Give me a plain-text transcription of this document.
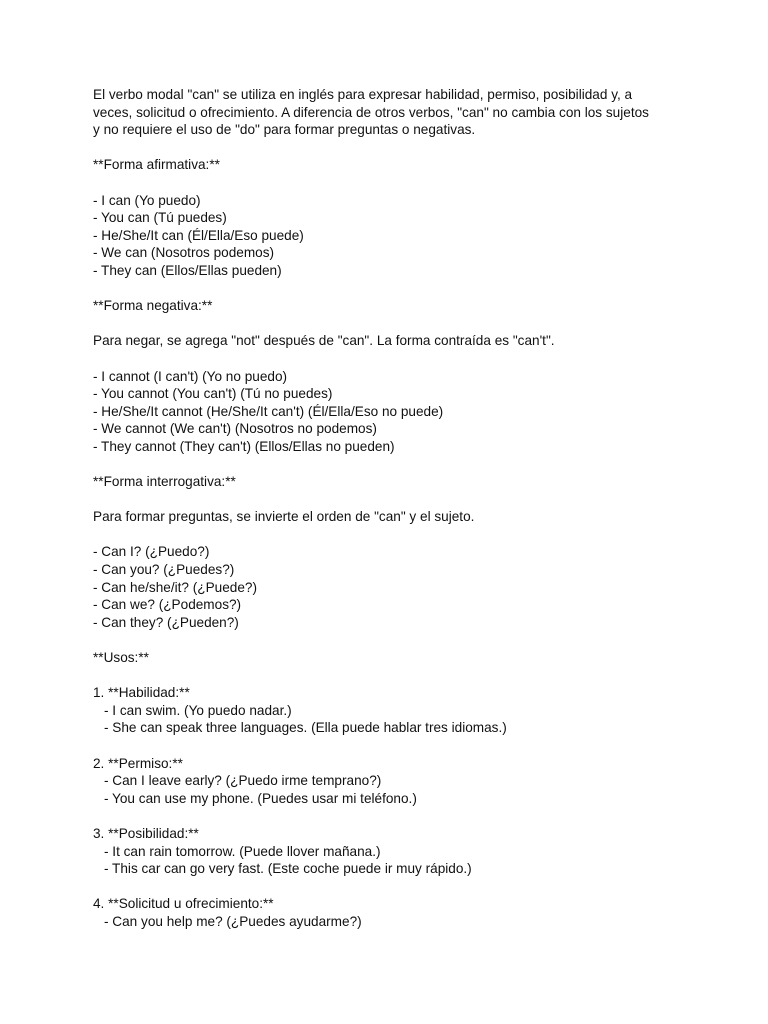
El verbo modal "can" se utiliza en inglés para expresar habilidad, permiso, posibilidad y, a
veces, solicitud o ofrecimiento. A diferencia de otros verbos, "can" no cambia con los sujetos
y no requiere el uso de "do" para formar preguntas o negativas.
**Forma afirmativa:**
- I can (Yo puedo)
- You can (Tú puedes)
- He/She/It can (Él/Ella/Eso puede)
- We can (Nosotros podemos)
- They can (Ellos/Ellas pueden)
**Forma negativa:**
Para negar, se agrega "not" después de "can". La forma contraída es "can't".
- I cannot (I can't) (Yo no puedo)
- You cannot (You can't) (Tú no puedes)
- He/She/It cannot (He/She/It can't) (Él/Ella/Eso no puede)
- We cannot (We can't) (Nosotros no podemos)
- They cannot (They can't) (Ellos/Ellas no pueden)
**Forma interrogativa:**
Para formar preguntas, se invierte el orden de "can" y el sujeto.
- Can I? (¿Puedo?)
- Can you? (¿Puedes?)
- Can he/she/it? (¿Puede?)
- Can we? (¿Podemos?)
- Can they? (¿Pueden?)
**Usos:**
1. **Habilidad:**
- I can swim. (Yo puedo nadar.)
- She can speak three languages. (Ella puede hablar tres idiomas.)
2. **Permiso:**
- Can I leave early? (¿Puedo irme temprano?)
- You can use my phone. (Puedes usar mi teléfono.)
3. **Posibilidad:**
- It can rain tomorrow. (Puede llover mañana.)
- This car can go very fast. (Este coche puede ir muy rápido.)
4. **Solicitud u ofrecimiento:**
- Can you help me? (¿Puedes ayudarme?)
